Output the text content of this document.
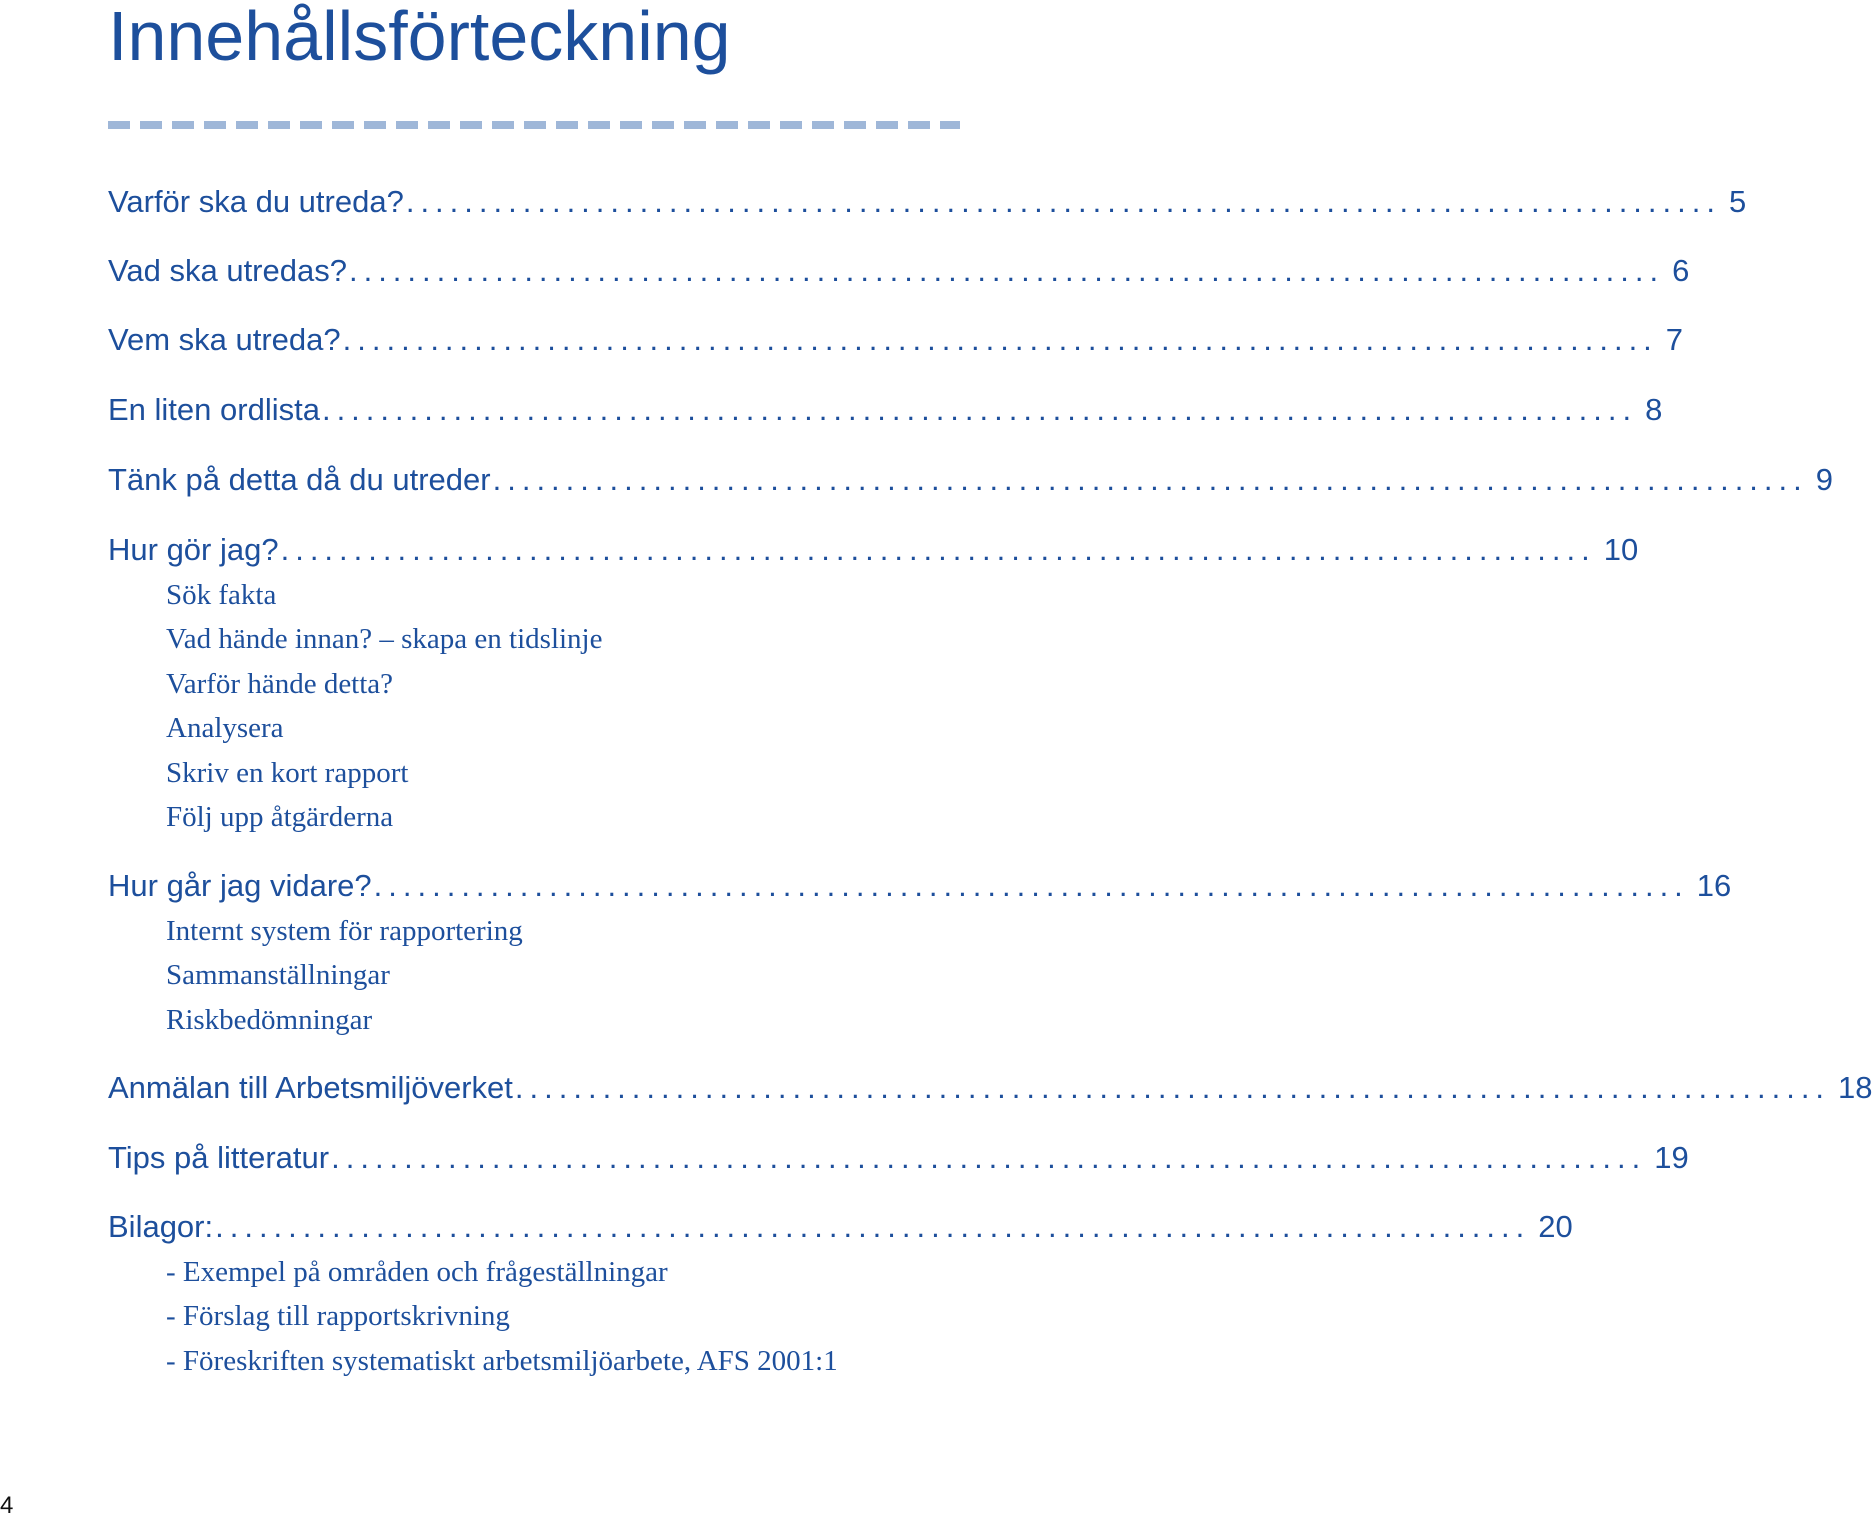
Innehållsförteckning
Varför ska du utreda? .......................................................................................... 5
Vad ska utredas? .......................................................................................... 6
Vem ska utreda? .......................................................................................... 7
En liten ordlista .......................................................................................... 8
Tänk på detta då du utreder .......................................................................................... 9
Hur gör jag? .......................................................................................... 10
Sök fakta
Vad hände innan? – skapa en tidslinje
Varför hände detta?
Analysera
Skriv en kort rapport
Följ upp åtgärderna
Hur går jag vidare? .......................................................................................... 16
Internt system för rapportering
Sammanställningar
Riskbedömningar
Anmälan till Arbetsmiljöverket .......................................................................................... 18
Tips på litteratur .......................................................................................... 19
Bilagor: .......................................................................................... 20
- Exempel på områden och frågeställningar
- Förslag till rapportskrivning
- Föreskriften systematiskt arbetsmiljöarbete, AFS 2001:1
4
